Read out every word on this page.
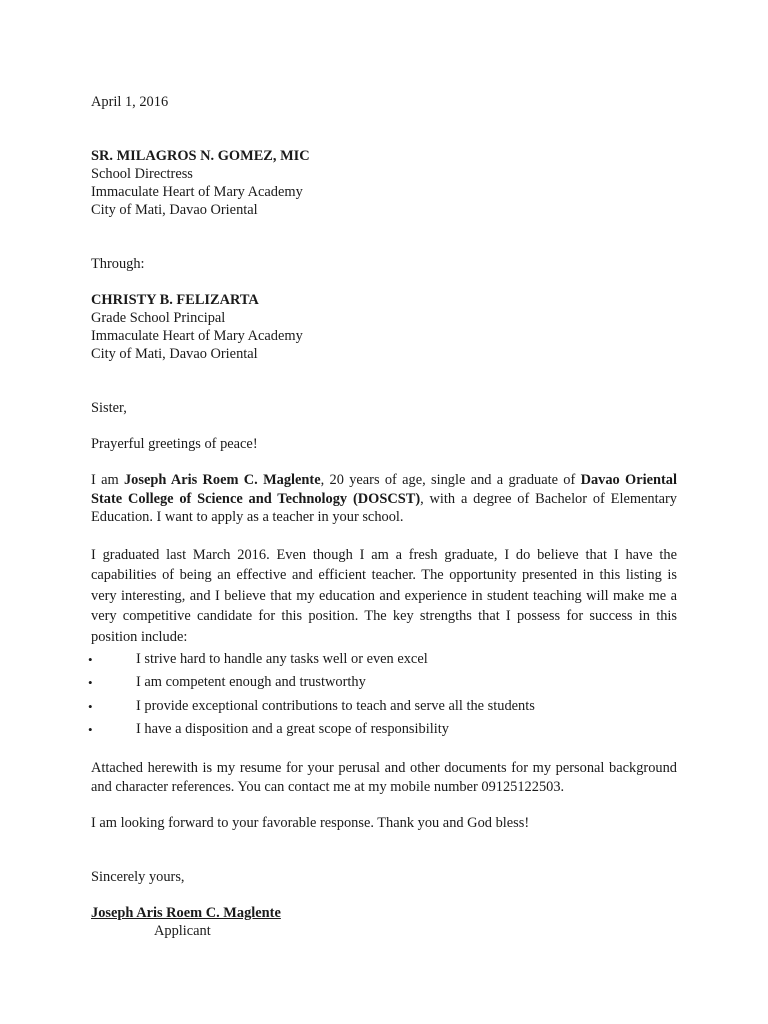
April 1, 2016

SR. MILAGROS N. GOMEZ, MIC
School Directress
Immaculate Heart of Mary Academy
City of Mati, Davao Oriental

Through:

CHRISTY B. FELIZARTA
Grade School Principal
Immaculate Heart of Mary Academy
City of Mati, Davao Oriental

Sister,

Prayerful greetings of peace!

I am Joseph Aris Roem C. Maglente, 20 years of age, single and a graduate of Davao Oriental State College of Science and Technology (DOSCST), with a degree of Bachelor of Elementary Education. I want to apply as a teacher in your school.

I graduated last March 2016. Even though I am a fresh graduate, I do believe that I have the capabilities of being an effective and efficient teacher. The opportunity presented in this listing is very interesting, and I believe that my education and experience in student teaching will make me a very competitive candidate for this position. The key strengths that I possess for success in this position include:

•	I strive hard to handle any tasks well or even excel
•	I am competent enough and trustworthy
•	I provide exceptional contributions to teach and serve all the students
•	I have a disposition and a great scope of responsibility

Attached herewith is my resume for your perusal and other documents for my personal background and character references. You can contact me at my mobile number 09125122503.

I am looking forward to your favorable response. Thank you and God bless!

Sincerely yours,

Joseph Aris Roem C. Maglente
Applicant
